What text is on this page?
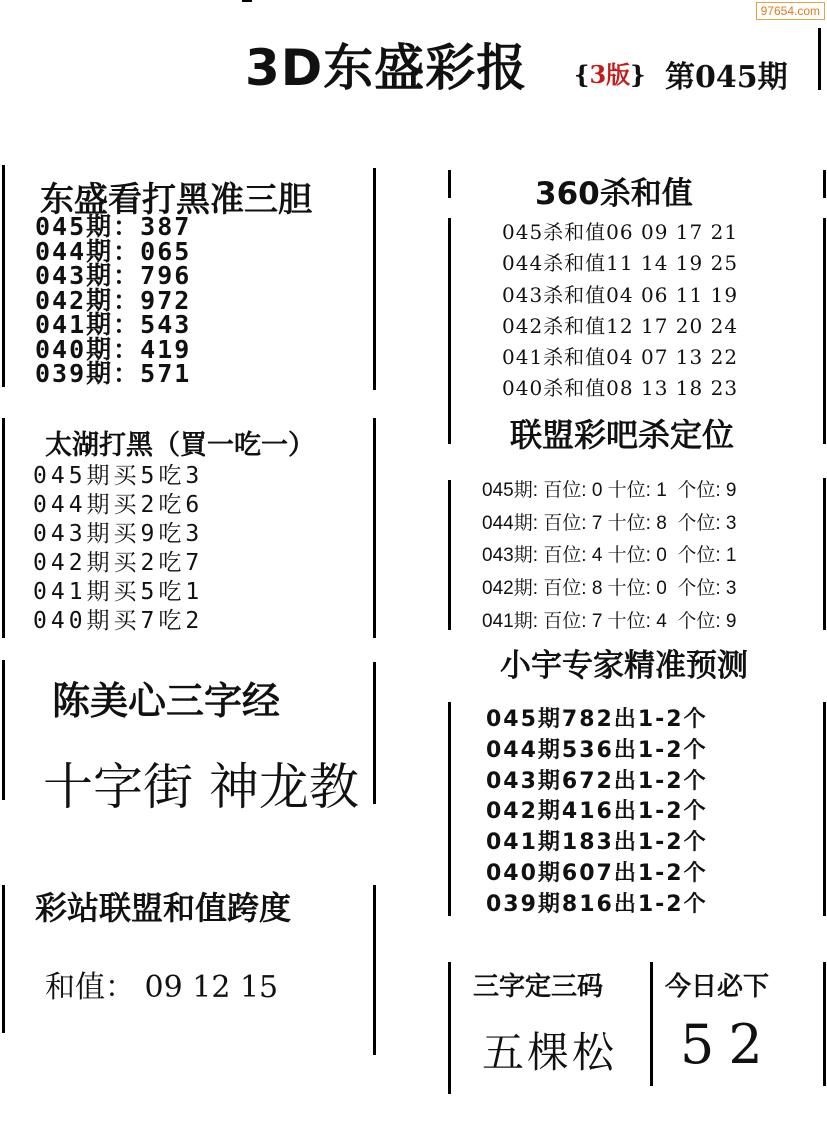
97654.com
3D东盛彩报 {3版} 第045期
东盛看打黑准三胆
045期：387
044期：065
043期：796
042期：972
041期：543
040期：419
039期：571
太湖打黑（買一吃一）
045期买5吃3
044期买2吃6
043期买9吃3
042期买2吃7
041期买5吃1
040期买7吃2
陈美心三字经
十字街 神龙教
彩站联盟和值跨度
和值： 09 12 15
360杀和值
045杀和值06 09 17 21
044杀和值11 14 19 25
043杀和值04 06 11 19
042杀和值12 17 20 24
041杀和值04 07 13 22
040杀和值08 13 18 23
联盟彩吧杀定位
045期: 百位: 0 十位: 1  个位: 9
044期: 百位: 7 十位: 8  个位: 3
043期: 百位: 4 十位: 0  个位: 1
042期: 百位: 8 十位: 0  个位: 3
041期: 百位: 7 十位: 4  个位: 9
小宇专家精准预测
045期782出1-2个
044期536出1-2个
043期672出1-2个
042期416出1-2个
041期183出1-2个
040期607出1-2个
039期816出1-2个
三字定三码
五棵松
今日必下
52
